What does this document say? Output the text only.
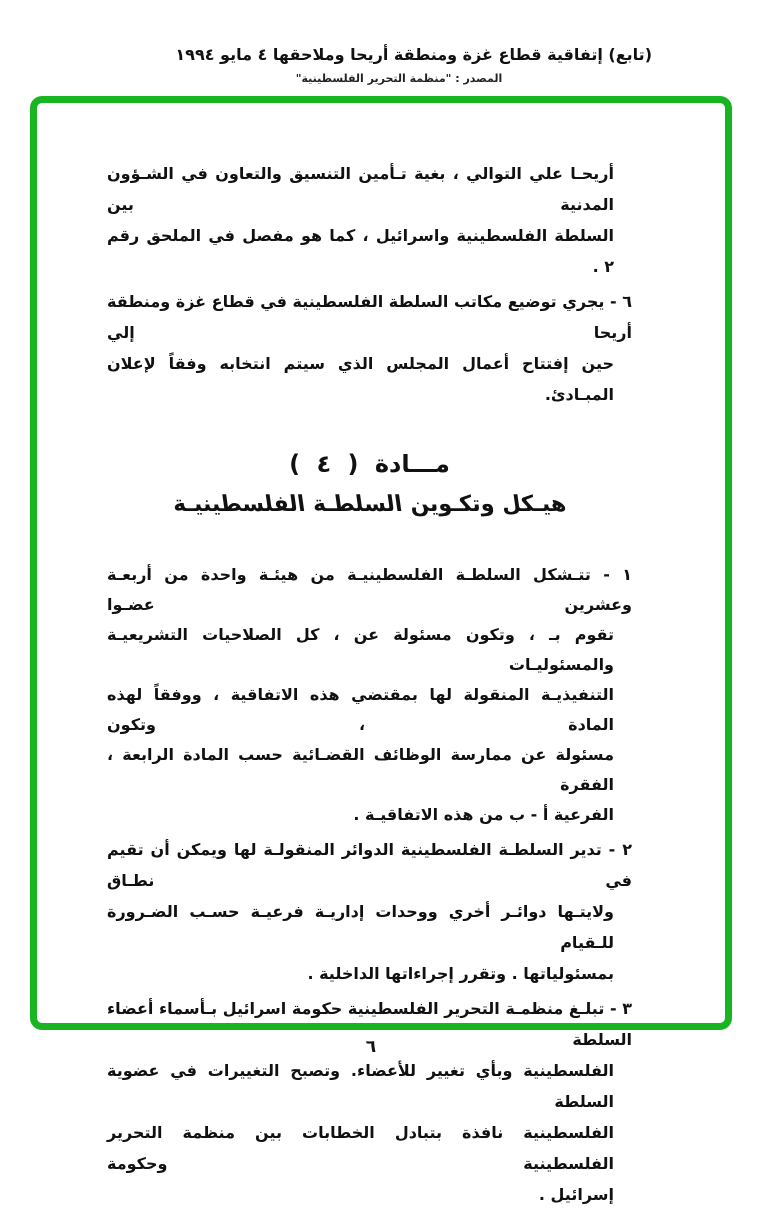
(تابع) إتفاقية قطاع غزة ومنطقة أريحا وملاحقها ٤ مايو ١٩٩٤
المصدر : "منظمة التحرير الفلسطينية"
أريحـا علي التوالي ، بغية تـأمين التنسيق والتعاون في الشـؤون المدنية بين
السلطة الفلسطينية واسرائيل ، كما هو مفصل في الملحق رقم ٢ .
٦ - يجري توضيع مكاتب السلطة الفلسطينية في قطاع غزة ومنطقة أريحا إلي
حين إفتتاح أعمال المجلس الذي سيتم انتخابه وفقاً لإعلان المبـادئ.
مـــادة ( ٤ )
هيـكل وتكـوين السلطـة الفلسطينيـة
١ - تتـشكل السلطـة الفلسطينيـة من هيئـة واحدة من أربعـة وعشرين عضـوا
تقوم بـ ، وتكون مسئولة عن ، كل الصلاحيات التشريعيـة والمسئوليـات
التنفيذيـة المنقولة لها بمقتضي هذه الاتفاقية ، ووفقاً لهذه المادة ، وتكون
مسئولة عن ممارسة الوظائف القضـائية حسب المادة الرابعة ، الفقرة
الفرعية أ - ب من هذه الاتفاقيـة .
٢ - تدير السلطـة الفلسطينية الدوائر المنقولـة لها ويمكن أن تقيم في نطـاق
ولايتـها دوائـر أخري ووحدات إداريـة فرعيـة حسـب الضـرورة للـقيام
بمسئولياتها . وتقرر إجراءاتها الداخلية .
٣ - تبلـغ منظمـة التحرير الفلسطينية حكومة اسرائيل بـأسماء أعضاء السلطة
الفلسطينية وبأي تغيير للأعضاء. وتصبح التغييرات في عضوية السلطة
الفلسطينية نافذة بتبادل الخطابات بين منظمة التحرير الفلسطينية وحكومة
إسرائيل .
٦
